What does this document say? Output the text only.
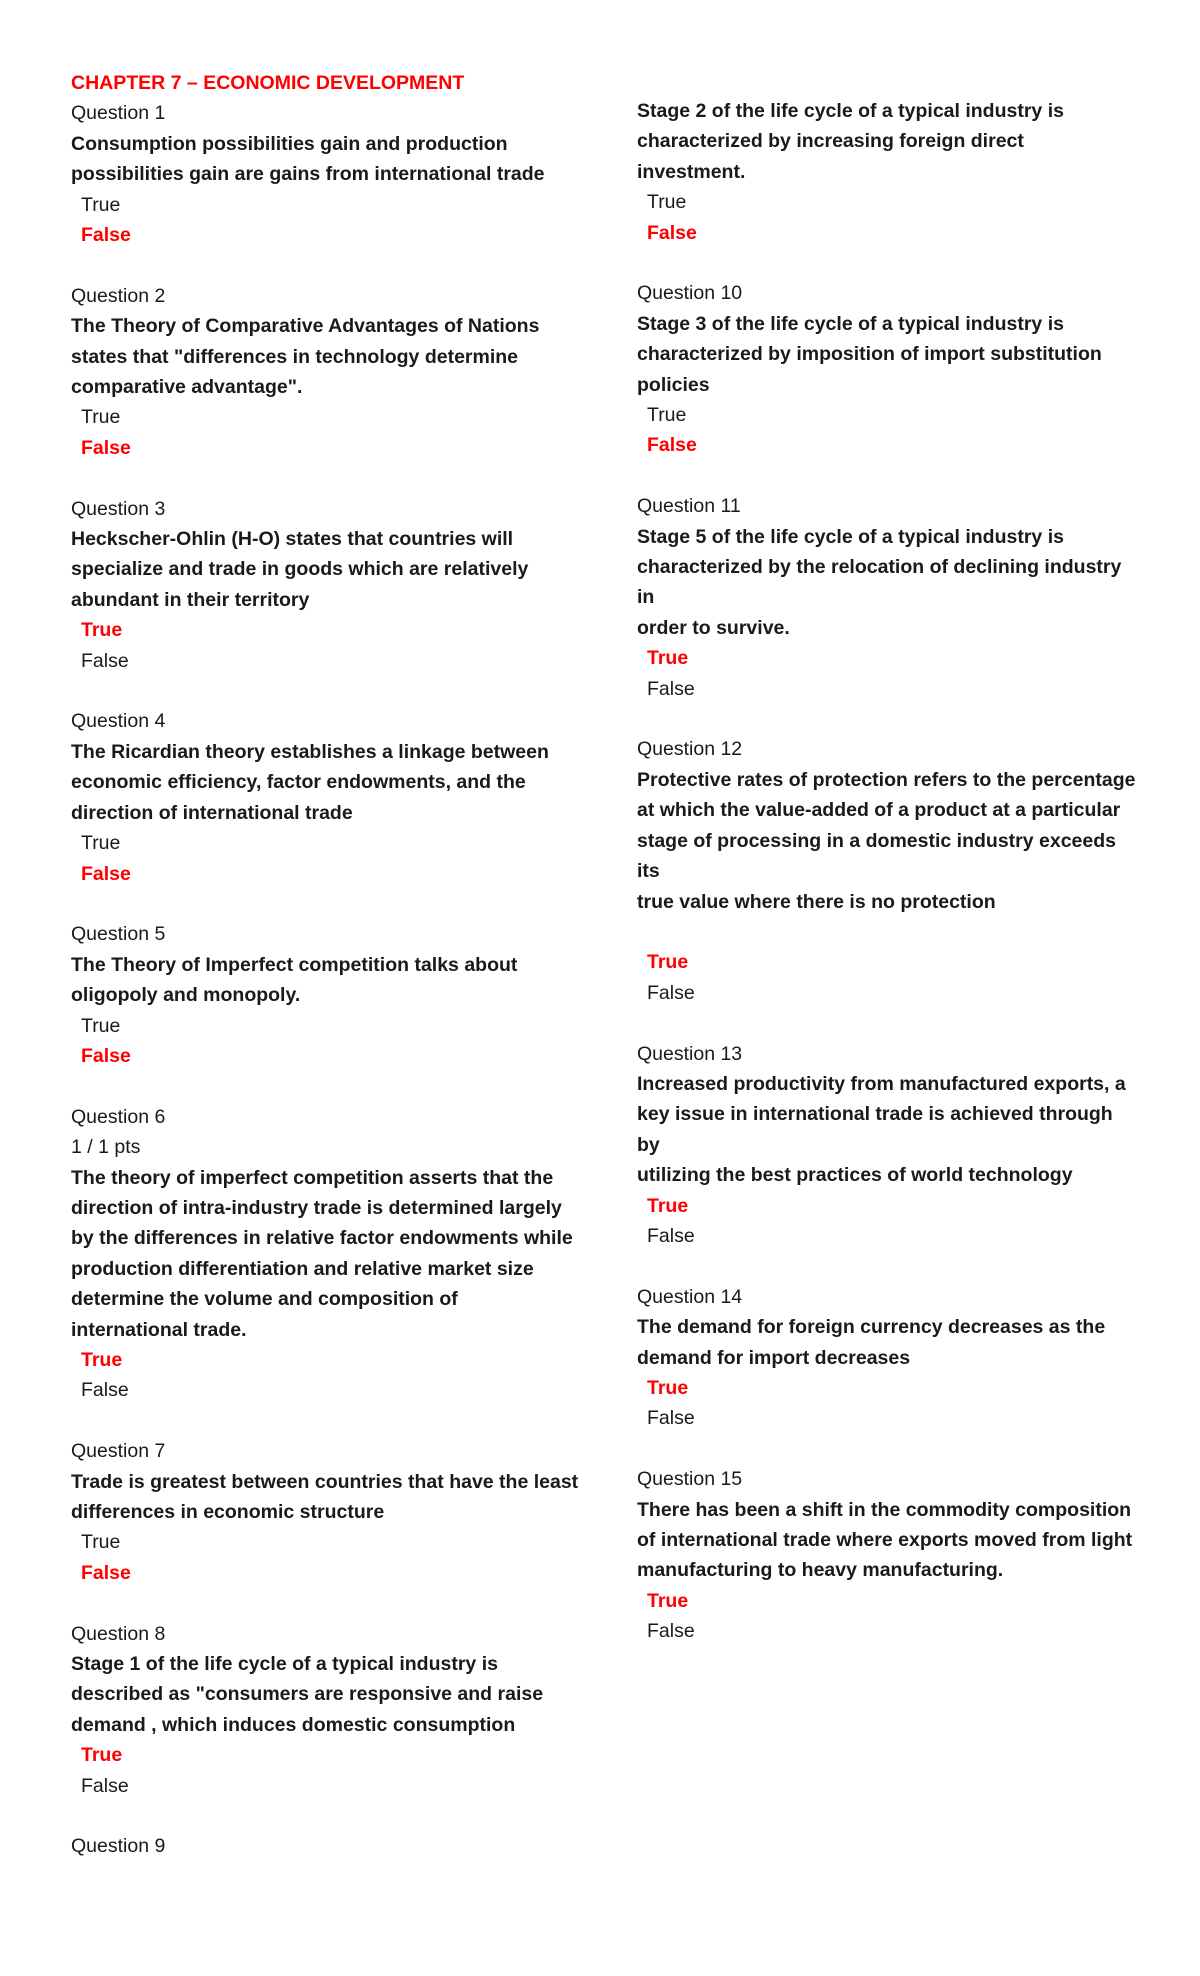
CHAPTER 7 – ECONOMIC DEVELOPMENT
Question 1
Consumption possibilities gain and production
possibilities gain are gains from international trade
True
False
Question 2
The Theory of Comparative Advantages of Nations
states that "differences in technology determine
comparative advantage".
True
False
Question 3
Heckscher-Ohlin (H-O) states that countries will
specialize and trade in goods which are relatively
abundant in their territory
True
False
Question 4
The Ricardian theory establishes a linkage between
economic efficiency, factor endowments, and the
direction of international trade
True
False
Question 5
The Theory of Imperfect competition talks about
oligopoly and monopoly.
True
False
Question 6
1 / 1 pts
The theory of imperfect competition asserts that the
direction of intra-industry trade is determined largely
by the differences in relative factor endowments while
production differentiation and relative market size
determine the volume and composition of
international trade.
True
False
Question 7
Trade is greatest between countries that have the least
differences in economic structure
True
False
Question 8
Stage 1 of the life cycle of a typical industry is
described as "consumers are responsive and raise
demand , which induces domestic consumption
True
False
Question 9
Stage 2 of the life cycle of a typical industry is
characterized by increasing foreign direct investment.
True
False
Question 10
Stage 3 of the life cycle of a typical industry is
characterized by imposition of import substitution
policies
True
False
Question 11
Stage 5 of the life cycle of a typical industry is
characterized by the relocation of declining industry in
order to survive.
True
False
Question 12
Protective rates of protection refers to the percentage
at which the value-added of a product at a particular
stage of processing in a domestic industry exceeds its
true value where there is no protection
True
False
Question 13
Increased productivity from manufactured exports, a
key issue in international trade is achieved through by
utilizing the best practices of world technology
True
False
Question 14
The demand for foreign currency decreases as the
demand for import decreases
True
False
Question 15
There has been a shift in the commodity composition
of international trade where exports moved from light
manufacturing to heavy manufacturing.
True
False
